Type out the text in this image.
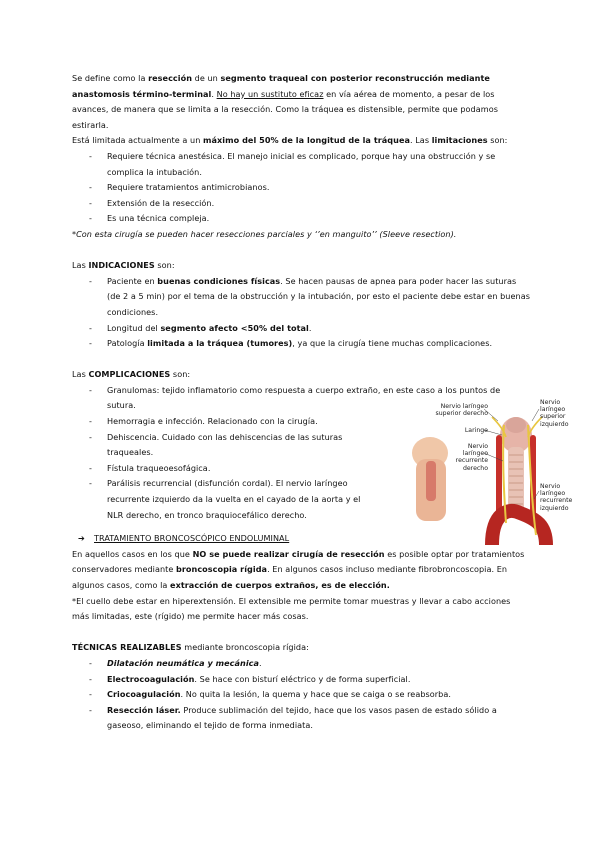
Se define como la resección de un segmento traqueal con posterior reconstrucción mediante anastomosis término-terminal. No hay un sustituto eficaz en vía aérea de momento, a pesar de los avances, de manera que se limita a la resección. Como la tráquea es distensible, permite que podamos estirarla.

Está limitada actualmente a un máximo del 50% de la longitud de la tráquea. Las limitaciones son:

- Requiere técnica anestésica. El manejo inicial es complicado, porque hay una obstrucción y se complica la intubación.
- Requiere tratamientos antimicrobianos.
- Extensión de la resección.
- Es una técnica compleja.

*Con esta cirugía se pueden hacer resecciones parciales y ‘’en manguito’’ (Sleeve resection).

Las INDICACIONES son:

- Paciente en buenas condiciones físicas. Se hacen pausas de apnea para poder hacer las suturas (de 2 a 5 min) por el tema de la obstrucción y la intubación, por esto el paciente debe estar en buenas condiciones.
- Longitud del segmento afecto <50% del total.
- Patología limitada a la tráquea (tumores), ya que la cirugía tiene muchas complicaciones.

Las COMPLICACIONES son:

- Granulomas: tejido inflamatorio como respuesta a cuerpo extraño, en este caso a los puntos de sutura.
- Hemorragia e infección. Relacionado con la cirugía.
- Dehiscencia. Cuidado con las dehiscencias de las suturas traqueales.
- Fístula traqueoesofágica.
- Parálisis recurrencial (disfunción cordal). El nervio laríngeo recurrente izquierdo da la vuelta en el cayado de la aorta y el NLR derecho, en tronco braquiocefálico derecho.

➔ TRATAMIENTO BRONCOSCÓPICO ENDOLUMINAL

En aquellos casos en los que NO se puede realizar cirugía de resección es posible optar por tratamientos conservadores mediante broncoscopia rígida. En algunos casos incluso mediante fibrobroncoscopia. En algunos casos, como la extracción de cuerpos extraños, es de elección.

*El cuello debe estar en hiperextensión. El extensible me permite tomar muestras y llevar a cabo acciones más limitadas, este (rígido) me permite hacer más cosas.

TÉCNICAS REALIZABLES mediante broncoscopia rígida:

- Dilatación neumática y mecánica.
- Electrocoagulación. Se hace con bisturí eléctrico y de forma superficial.
- Criocoagulación. No quita la lesión, la quema y hace que se caiga o se reabsorba.
- Resección láser. Produce sublimación del tejido, hace que los vasos pasen de estado sólido a gaseoso, eliminando el tejido de forma inmediata.
Nervio laríngeo superior derecho
Laringe
Nervio laríngeo recurrente derecho
Nervio laríngeo superior izquierdo
Nervio laríngeo recurrente izquierdo
